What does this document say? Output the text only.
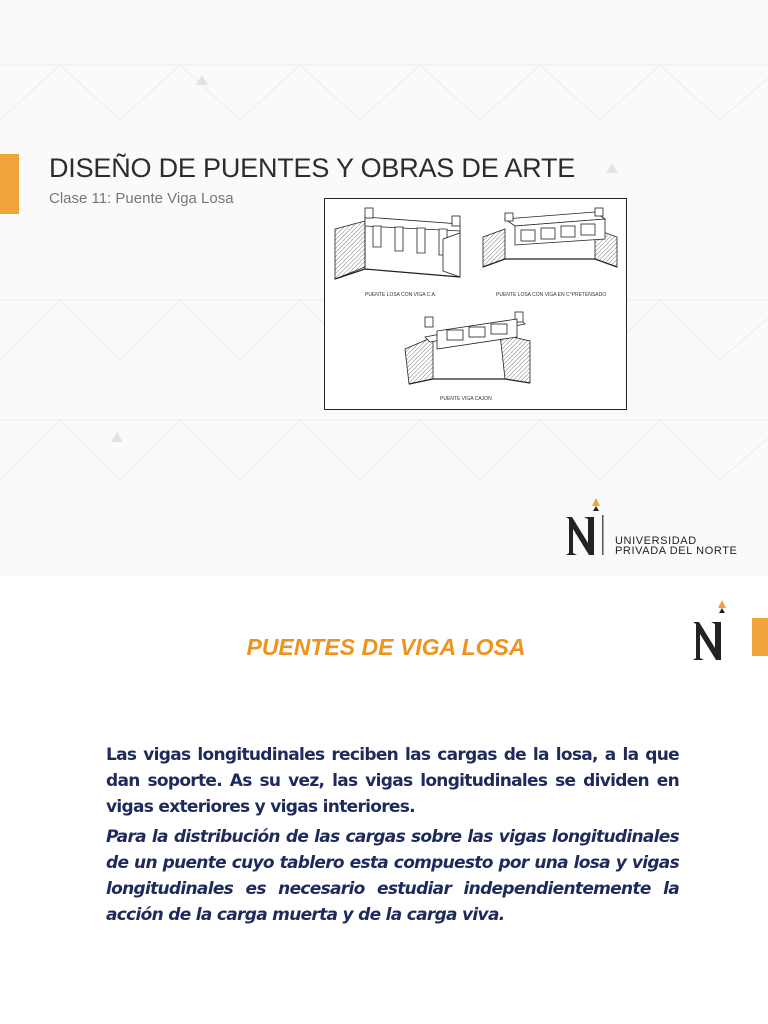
DISEÑO DE PUENTES Y OBRAS DE ARTE
Clase 11: Puente Viga Losa
PUENTE LOSA CON VIGA C.A.	PUENTE LOSA CON VIGA EN C°PRETENSADO
PUENTE VIGA CAJON
UNIVERSIDAD
PRIVADA DEL NORTE
PUENTES DE VIGA LOSA

Las vigas longitudinales reciben las cargas de la losa, a la que dan soporte. As su vez, las vigas longitudinales se dividen en vigas exteriores y vigas interiores.

Para la distribución de las cargas sobre las vigas longitudinales de un puente cuyo tablero esta compuesto por una losa y vigas longitudinales es necesario estudiar independientemente la acción de la carga muerta y de la carga viva.
